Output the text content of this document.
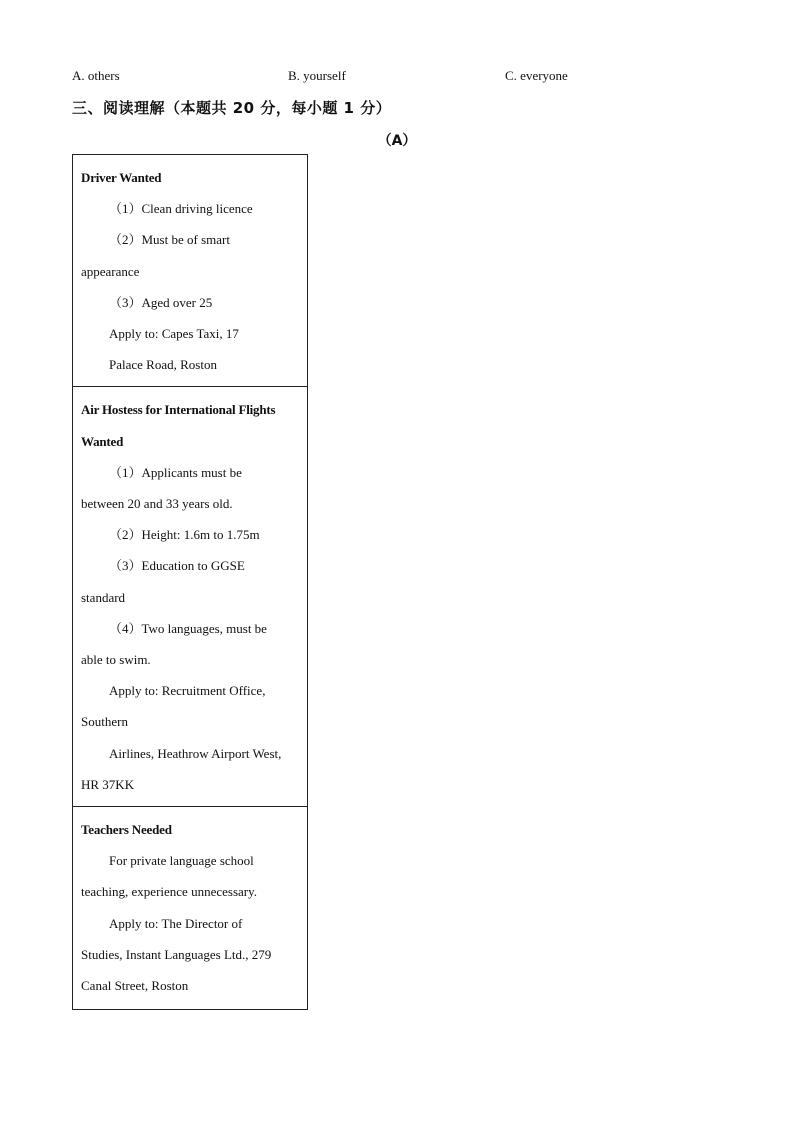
A. others	B. yourself	C. everyone
三、阅读理解（本题共 20 分，每小题 1 分）
（A）
Driver Wanted
（1）Clean driving licence
（2）Must be of smart
appearance
（3）Aged over 25
Apply to: Capes Taxi, 17
Palace Road, Roston
Air Hostess for International Flights
Wanted
（1）Applicants must be
between 20 and 33 years old.
（2）Height: 1.6m to 1.75m
（3）Education to GGSE
standard
（4）Two languages, must be
able to swim.
Apply to: Recruitment Office,
Southern
Airlines, Heathrow Airport West,
HR 37KK
Teachers Needed
For private language school
teaching, experience unnecessary.
Apply to: The Director of
Studies, Instant Languages Ltd., 279
Canal Street, Roston
